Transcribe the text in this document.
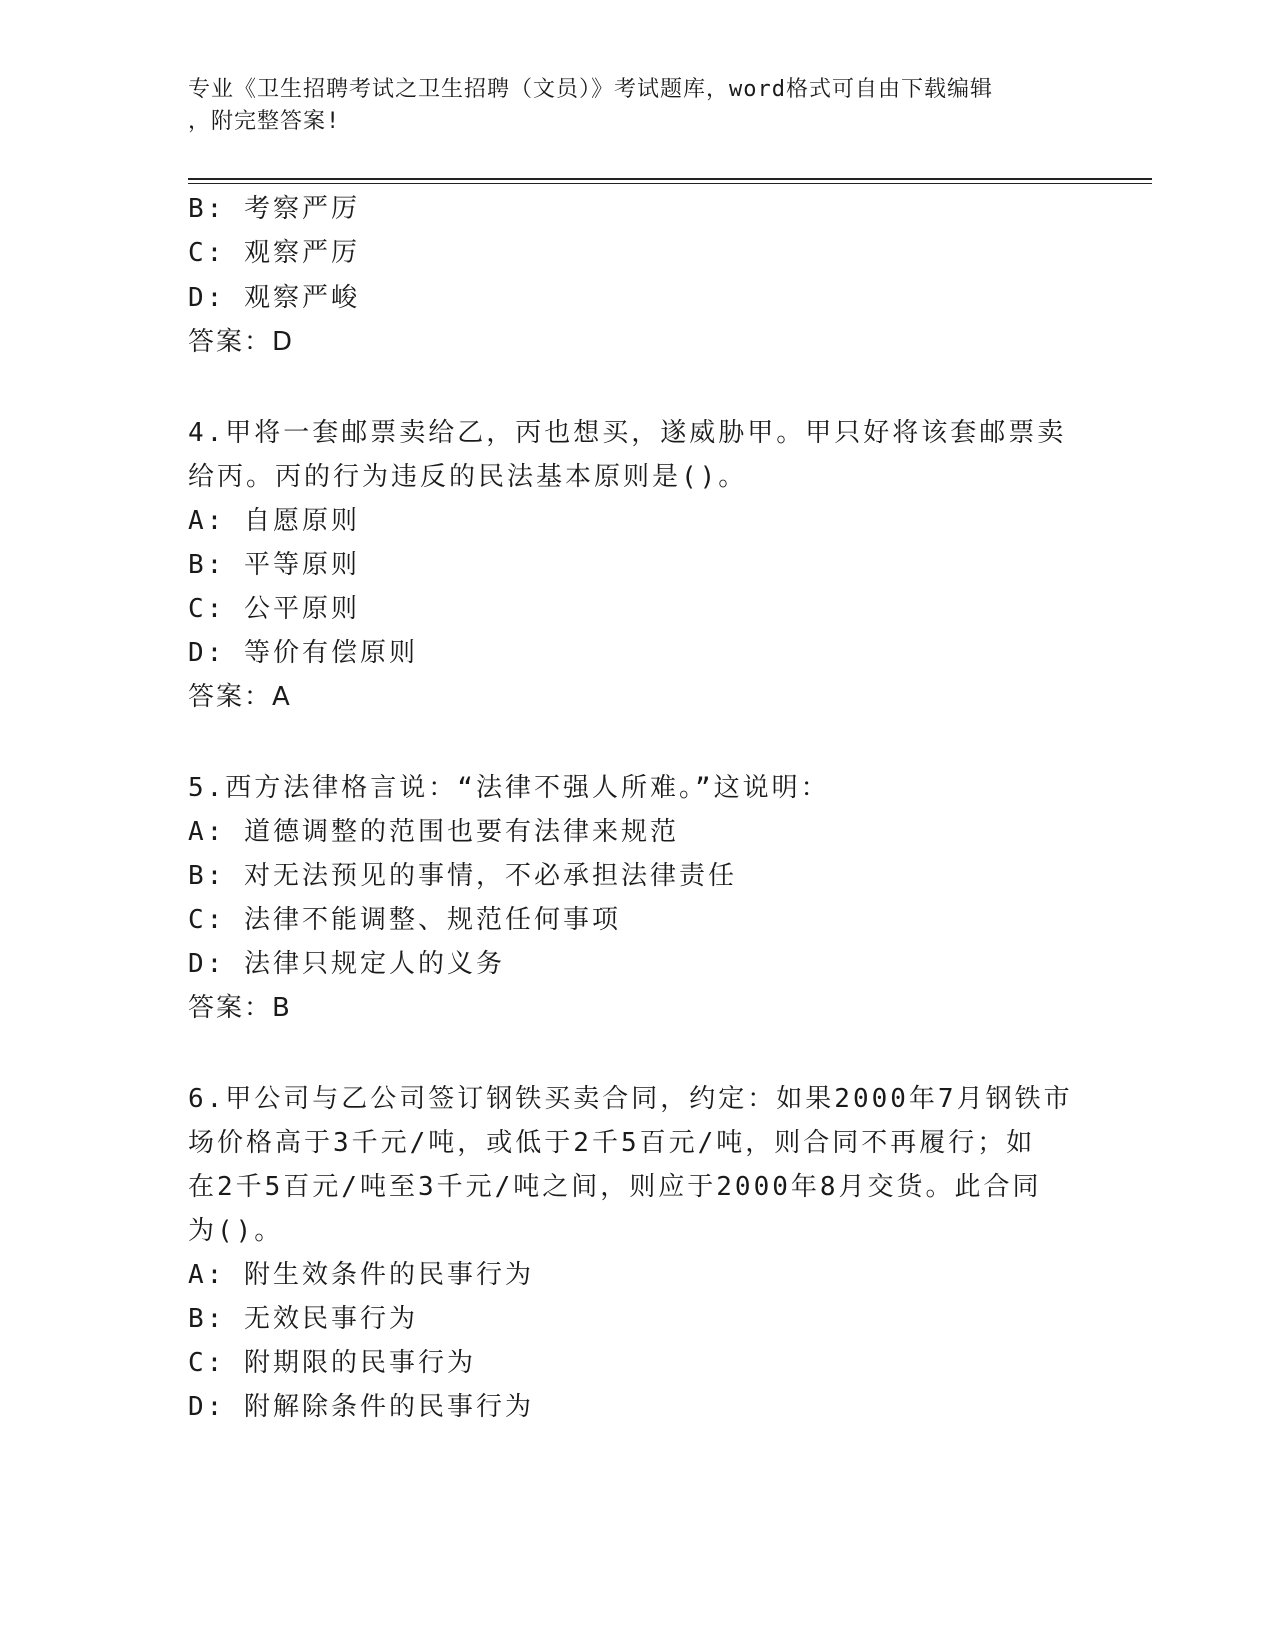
专业《卫生招聘考试之卫生招聘（文员）》考试题库，word格式可自由下载编辑
，附完整答案!
B: 考察严厉
C: 观察严厉
D: 观察严峻
答案：D
4.甲将一套邮票卖给乙，丙也想买，遂威胁甲。甲只好将该套邮票卖
给丙。丙的行为违反的民法基本原则是()。
A: 自愿原则
B: 平等原则
C: 公平原则
D: 等价有偿原则
答案：A
5.西方法律格言说：“法律不强人所难。”这说明：
A: 道德调整的范围也要有法律来规范
B: 对无法预见的事情，不必承担法律责任
C: 法律不能调整、规范任何事项
D: 法律只规定人的义务
答案：B
6.甲公司与乙公司签订钢铁买卖合同，约定：如果2000年7月钢铁市
场价格高于3千元/吨，或低于2千5百元/吨，则合同不再履行；如
在2千5百元/吨至3千元/吨之间，则应于2000年8月交货。此合同
为()。
A: 附生效条件的民事行为
B: 无效民事行为
C: 附期限的民事行为
D: 附解除条件的民事行为
